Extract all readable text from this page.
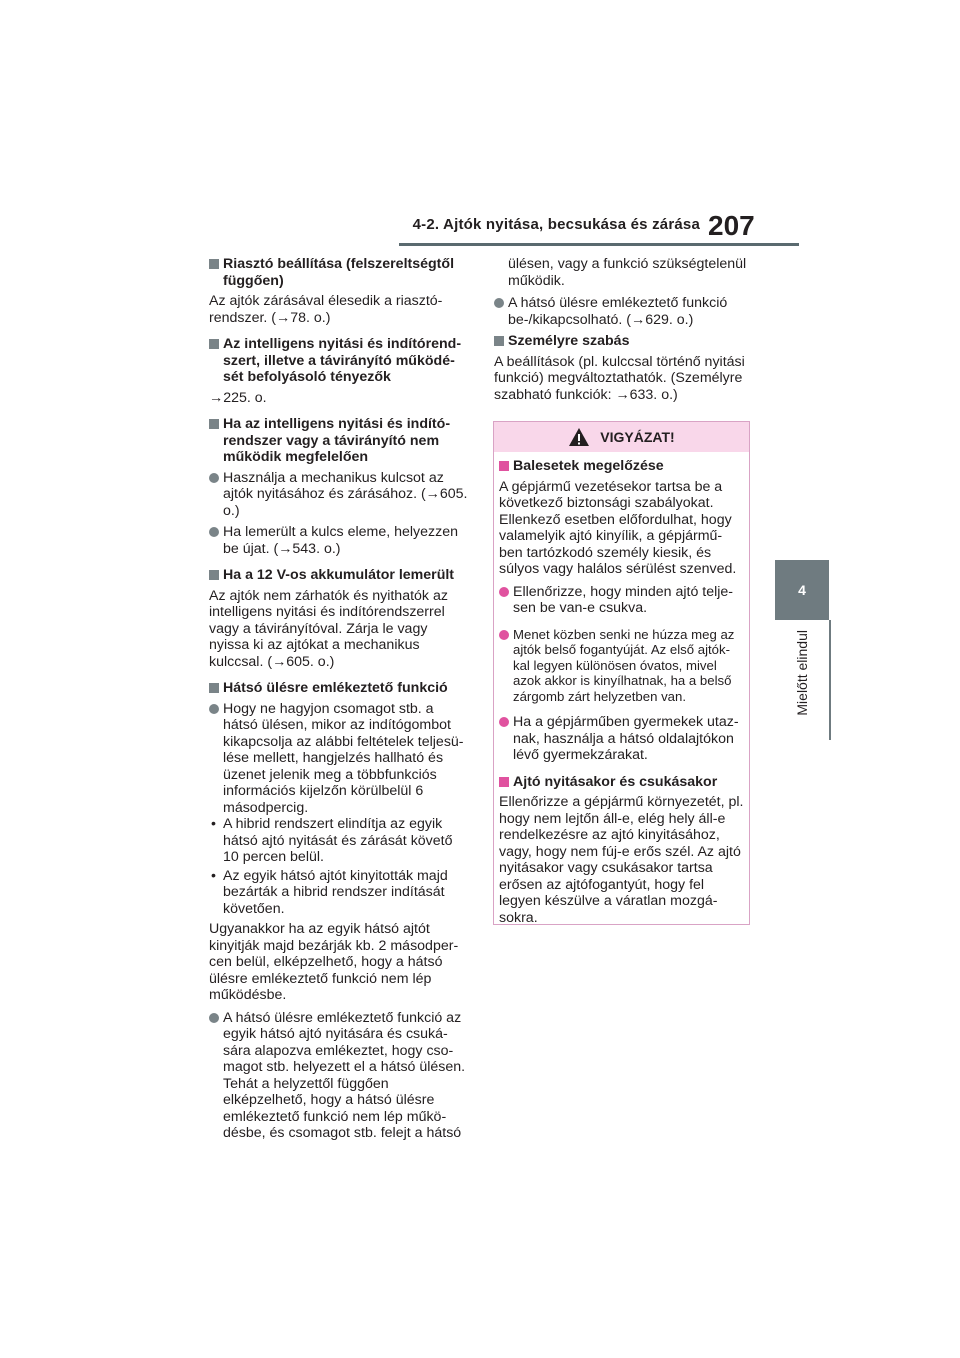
4-2. Ajtók nyitása, becsukása és zárása 207
4
Mielőtt elindul
Riasztó beállítása (felszereltségtől függően)
Az ajtók zárásával élesedik a riasztó-
rendszer. (→78. o.)
Az intelligens nyitási és indítórend-szert, illetve a távirányító működé-sét befolyásoló tényezők
→225. o.
Ha az intelligens nyitási és indító-rendszer vagy a távirányító nem működik megfelelően
Használja a mechanikus kulcsot az ajtók nyitásához és zárásához. (→605. o.)
Ha lemerült a kulcs eleme, helyezzen be újat. (→543. o.)
Ha a 12 V-os akkumulátor lemerült
Az ajtók nem zárhatók és nyithatók az intelligens nyitási és indítórendszerrel vagy a távirányítóval. Zárja le vagy nyissa ki az ajtókat a mechanikus kulccsal. (→605. o.)
Hátsó ülésre emlékeztető funkció
Hogy ne hagyjon csomagot stb. a hátsó ülésen, mikor az indítógombot kikapcsolja az alábbi feltételek teljesü-lése mellett, hangjelzés hallható és üzenet jelenik meg a többfunkciós információs kijelzőn körülbelül 6 másodpercig.
• A hibrid rendszert elindítja az egyik hátsó ajtó nyitását és zárását követő 10 percen belül.
• Az egyik hátsó ajtót kinyitották majd bezárták a hibrid rendszer indítását követően.
Ugyanakkor ha az egyik hátsó ajtót kinyitják majd bezárják kb. 2 másodper-cen belül, elképzelhető, hogy a hátsó ülésre emlékeztető funkció nem lép működésbe.
A hátsó ülésre emlékeztető funkció az egyik hátsó ajtó nyitására és csuká-sára alapozva emlékeztet, hogy cso-magot stb. helyezett el a hátsó ülésen. Tehát a helyzettől függően elképzelhető, hogy a hátsó ülésre emlékeztető funkció nem lép műkö-désbe, és csomagot stb. felejt a hátsó
ülésen, vagy a funkció szükségtelenül működik.
A hátsó ülésre emlékeztető funkció be-/kikapcsolható. (→629. o.)
Személyre szabás
A beállítások (pl. kulccsal történő nyitási funkció) megváltoztathatók. (Személyre szabható funkciók: →633. o.)
VIGYÁZAT!
Balesetek megelőzése
A gépjármű vezetésekor tartsa be a következő biztonsági szabályokat. Ellenkező esetben előfordulhat, hogy valamelyik ajtó kinyílik, a gépjármű-ben tartózkodó személy kiesik, és súlyos vagy halálos sérülést szenved.
Ellenőrizze, hogy minden ajtó telje-sen be van-e csukva.
Menet közben senki ne húzza meg az ajtók belső fogantyúját. Az első ajtók-kal legyen különösen óvatos, mivel azok akkor is kinyílhatnak, ha a belső zárgomb zárt helyzetben van.
Ha a gépjárműben gyermekek utaz-nak, használja a hátsó oldalajtókon lévő gyermekzárakat.
Ajtó nyitásakor és csukásakor
Ellenőrizze a gépjármű környezetét, pl. hogy nem lejtőn áll-e, elég hely áll-e rendelkezésre az ajtó kinyitásához, vagy, hogy nem fúj-e erős szél. Az ajtó nyitásakor vagy csukásakor tartsa erősen az ajtófogantyút, hogy fel legyen készülve a váratlan mozgá-sokra.
